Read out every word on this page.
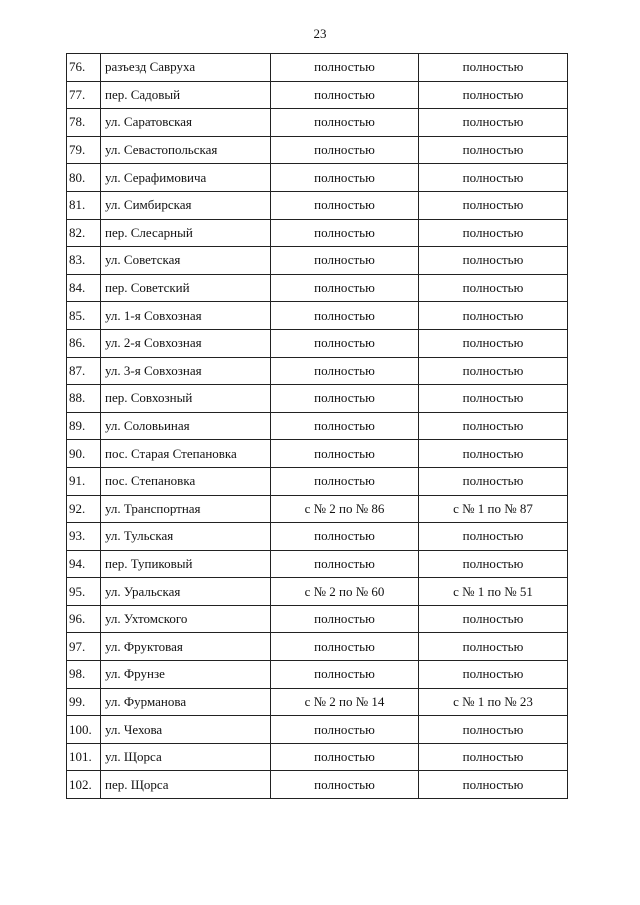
23
76.	разъезд Савруха	полностью	полностью
77.	пер. Садовый	полностью	полностью
78.	ул. Саратовская	полностью	полностью
79.	ул. Севастопольская	полностью	полностью
80.	ул. Серафимовича	полностью	полностью
81.	ул. Симбирская	полностью	полностью
82.	пер. Слесарный	полностью	полностью
83.	ул. Советская	полностью	полностью
84.	пер. Советский	полностью	полностью
85.	ул. 1-я Совхозная	полностью	полностью
86.	ул. 2-я Совхозная	полностью	полностью
87.	ул. 3-я Совхозная	полностью	полностью
88.	пер. Совхозный	полностью	полностью
89.	ул. Соловьиная	полностью	полностью
90.	пос. Старая Степановка	полностью	полностью
91.	пос. Степановка	полностью	полностью
92.	ул. Транспортная	с № 2 по № 86	с № 1 по № 87
93.	ул. Тульская	полностью	полностью
94.	пер. Тупиковый	полностью	полностью
95.	ул. Уральская	с № 2 по № 60	с № 1 по № 51
96.	ул. Ухтомского	полностью	полностью
97.	ул. Фруктовая	полностью	полностью
98.	ул. Фрунзе	полностью	полностью
99.	ул. Фурманова	с № 2 по № 14	с № 1 по № 23
100.	ул. Чехова	полностью	полностью
101.	ул. Щорса	полностью	полностью
102.	пер. Щорса	полностью	полностью
